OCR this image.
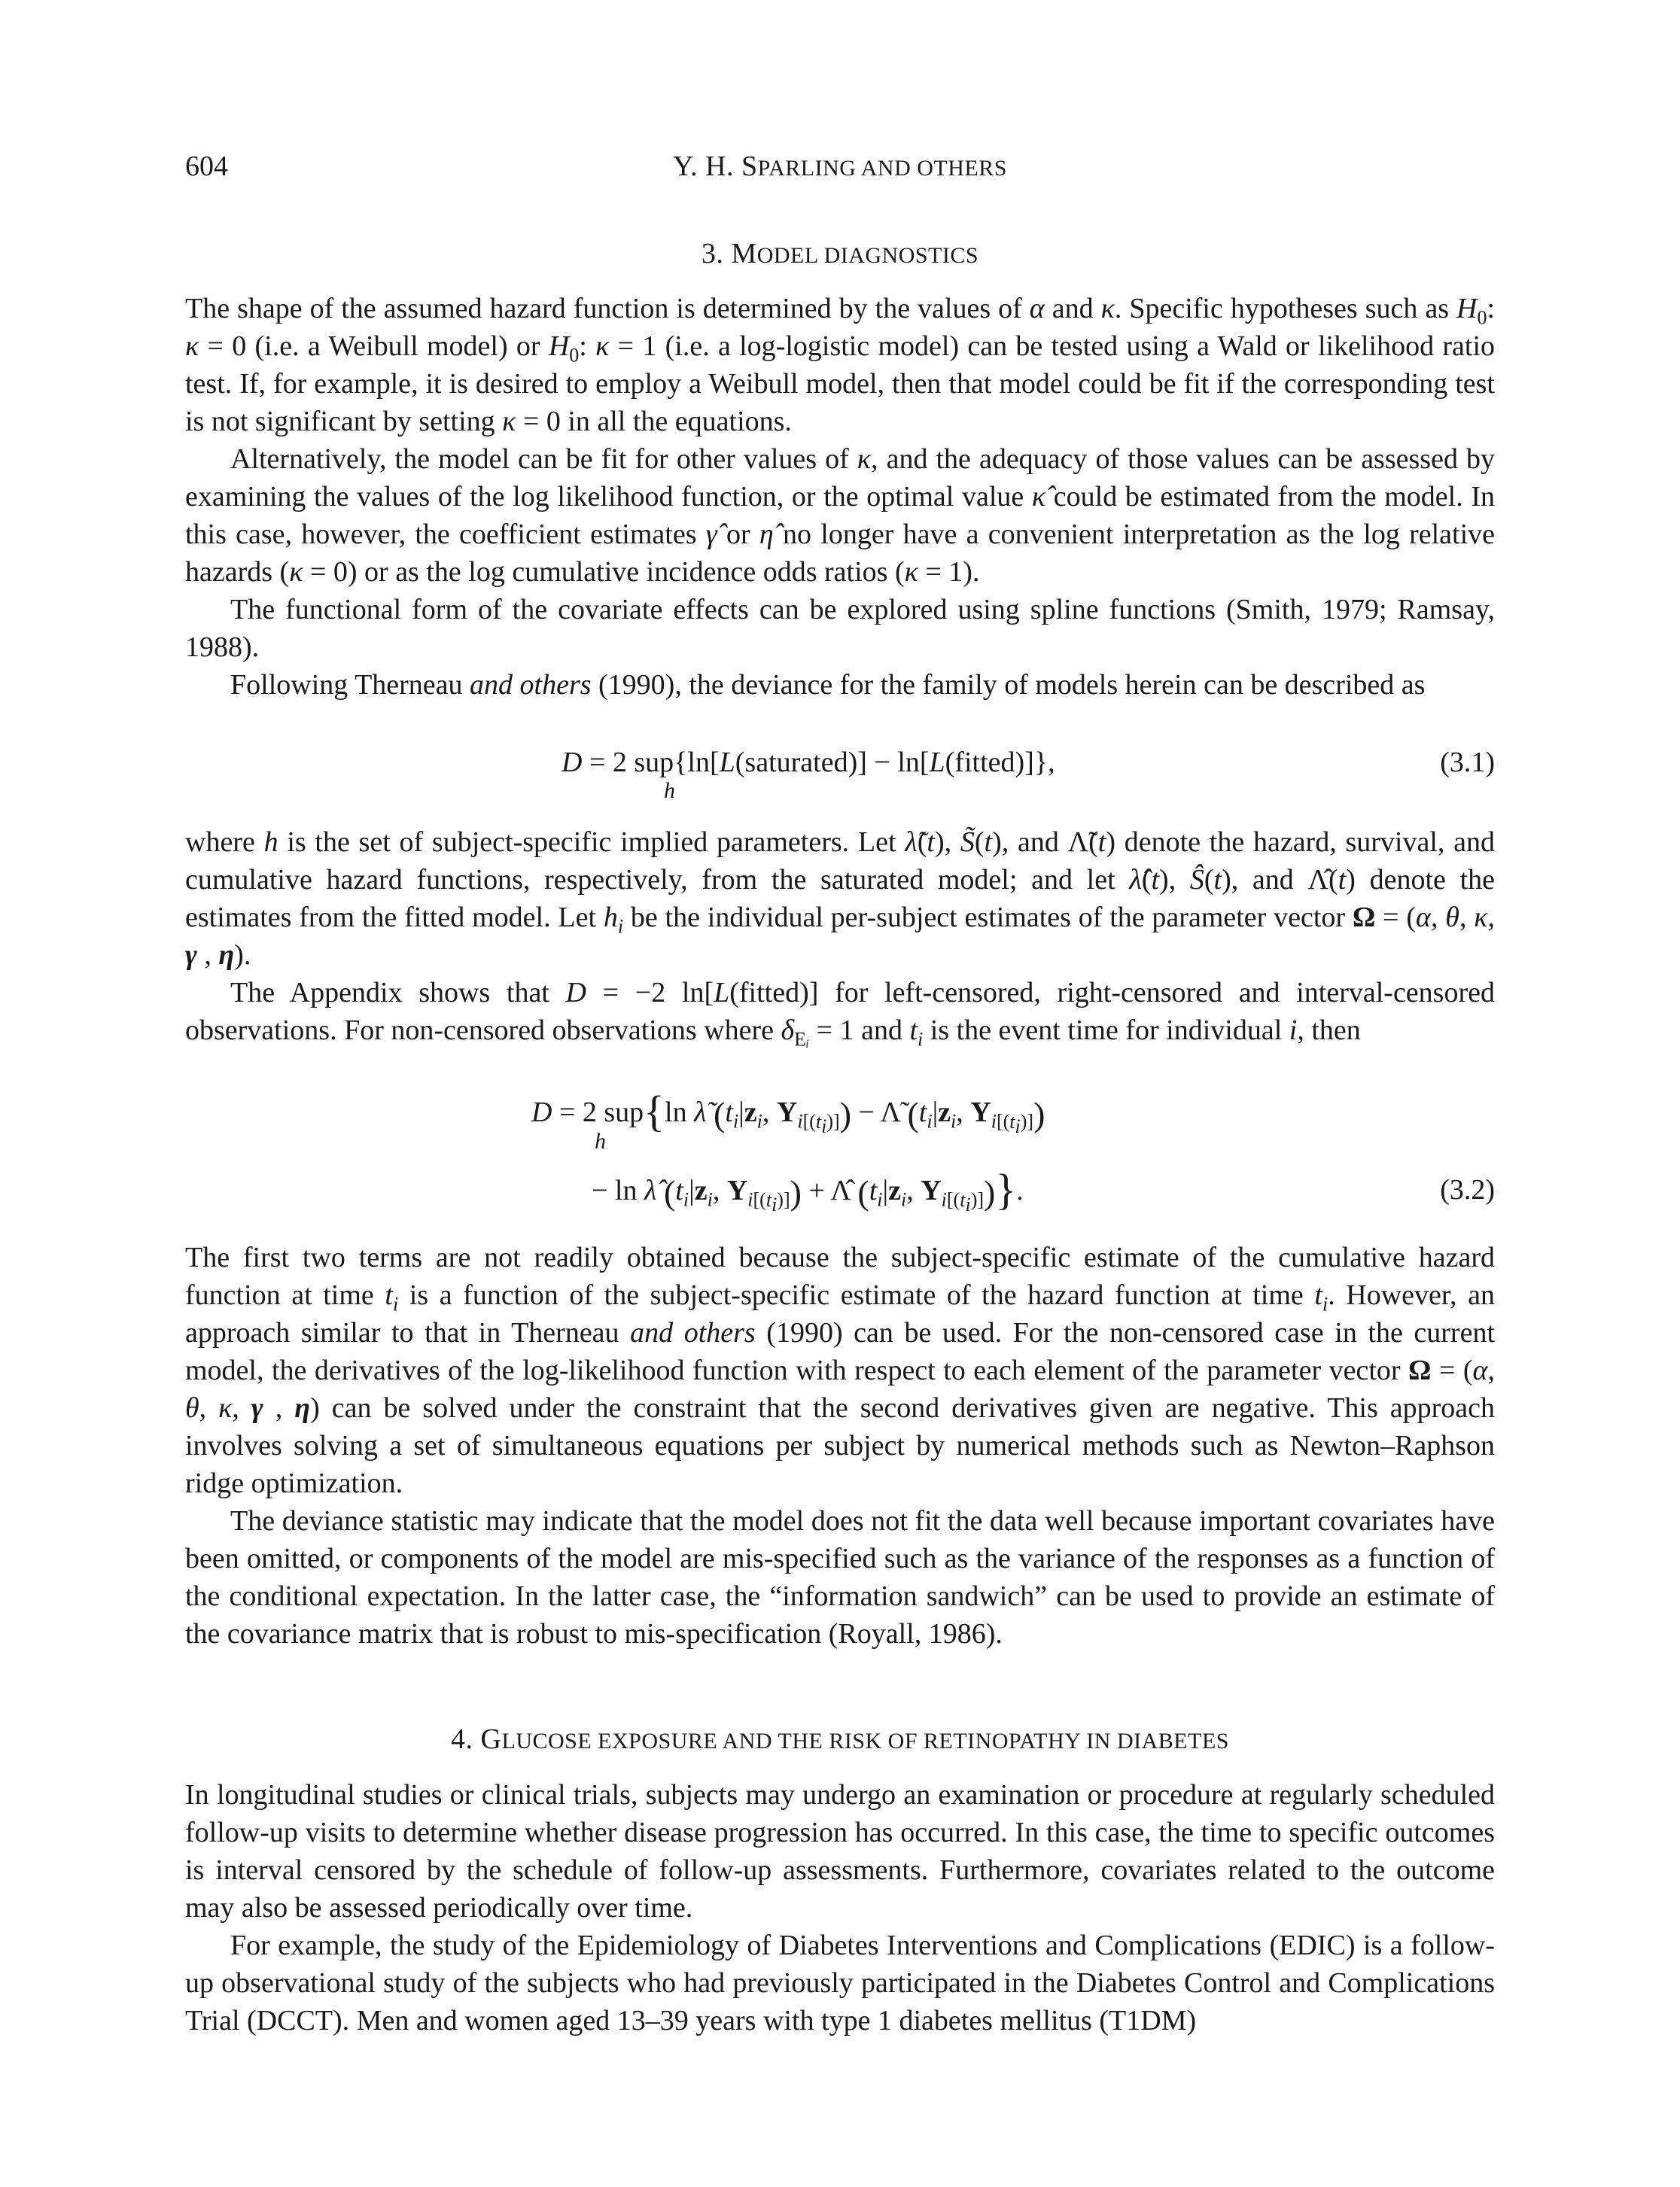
604	Y. H. SPARLING AND OTHERS
3. MODEL DIAGNOSTICS

The shape of the assumed hazard function is determined by the values of α and κ. Specific hypotheses such as $H_0$: κ = 0 (i.e. a Weibull model) or $H_0$: κ = 1 (i.e. a log-logistic model) can be tested using a Wald or likelihood ratio test. If, for example, it is desired to employ a Weibull model, then that model could be fit if the corresponding test is not significant by setting κ = 0 in all the equations.

Alternatively, the model can be fit for other values of κ, and the adequacy of those values can be assessed by examining the values of the log likelihood function, or the optimal value κ̂ could be estimated from the model. In this case, however, the coefficient estimates γ̂ or η̂ no longer have a convenient interpretation as the log relative hazards (κ = 0) or as the log cumulative incidence odds ratios (κ = 1).

The functional form of the covariate effects can be explored using spline functions (Smith, 1979; Ramsay, 1988).

Following Therneau and others (1990), the deviance for the family of models herein can be described as

D = 2 sup{ln[L(saturated)] − ln[L(fitted)]},
h
(3.1)

where h is the set of subject-specific implied parameters. Let λ̃(t), S̃(t), and Λ̃(t) denote the hazard, survival, and cumulative hazard functions, respectively, from the saturated model; and let λ̂(t), Ŝ(t), and Λ̂(t) denote the estimates from the fitted model. Let $h_i$ be the individual per-subject estimates of the parameter vector Ω = (α, θ, κ, γ , η).

The Appendix shows that D = −2 ln[L(fitted)] for left-censored, right-censored and interval-censored observations. For non-censored observations where $\delta_{Eᵢ} = 1$ and $t_i$ is the event time for individual i, then

D = 2 sup{ln λ̃ ($t_i|z_i$, $Y_{i[(t_i)]}$) − Λ̃ ($t_i|z_i$, $Y_{i[(t_i)]}$)
h
− ln λ̂ ($t_i|z_i$, $Y_{i[(t_i)]}$) + Λ̂ ($t_i|z_i$, $Y_{i[(t_i)]}$)}.	(3.2)

The first two terms are not readily obtained because the subject-specific estimate of the cumulative hazard function at time $t_i$ is a function of the subject-specific estimate of the hazard function at time $t_i$. However, an approach similar to that in Therneau and others (1990) can be used. For the non-censored case in the current model, the derivatives of the log-likelihood function with respect to each element of the parameter vector Ω = (α, θ, κ, γ , η) can be solved under the constraint that the second derivatives given are negative. This approach involves solving a set of simultaneous equations per subject by numerical methods such as Newton–Raphson ridge optimization.

The deviance statistic may indicate that the model does not fit the data well because important covariates have been omitted, or components of the model are mis-specified such as the variance of the responses as a function of the conditional expectation. In the latter case, the “information sandwich” can be used to provide an estimate of the covariance matrix that is robust to mis-specification (Royall, 1986).

4. GLUCOSE EXPOSURE AND THE RISK OF RETINOPATHY IN DIABETES

In longitudinal studies or clinical trials, subjects may undergo an examination or procedure at regularly scheduled follow-up visits to determine whether disease progression has occurred. In this case, the time to specific outcomes is interval censored by the schedule of follow-up assessments. Furthermore, covariates related to the outcome may also be assessed periodically over time.

For example, the study of the Epidemiology of Diabetes Interventions and Complications (EDIC) is a follow-up observational study of the subjects who had previously participated in the Diabetes Control and Complications Trial (DCCT). Men and women aged 13–39 years with type 1 diabetes mellitus (T1DM)
